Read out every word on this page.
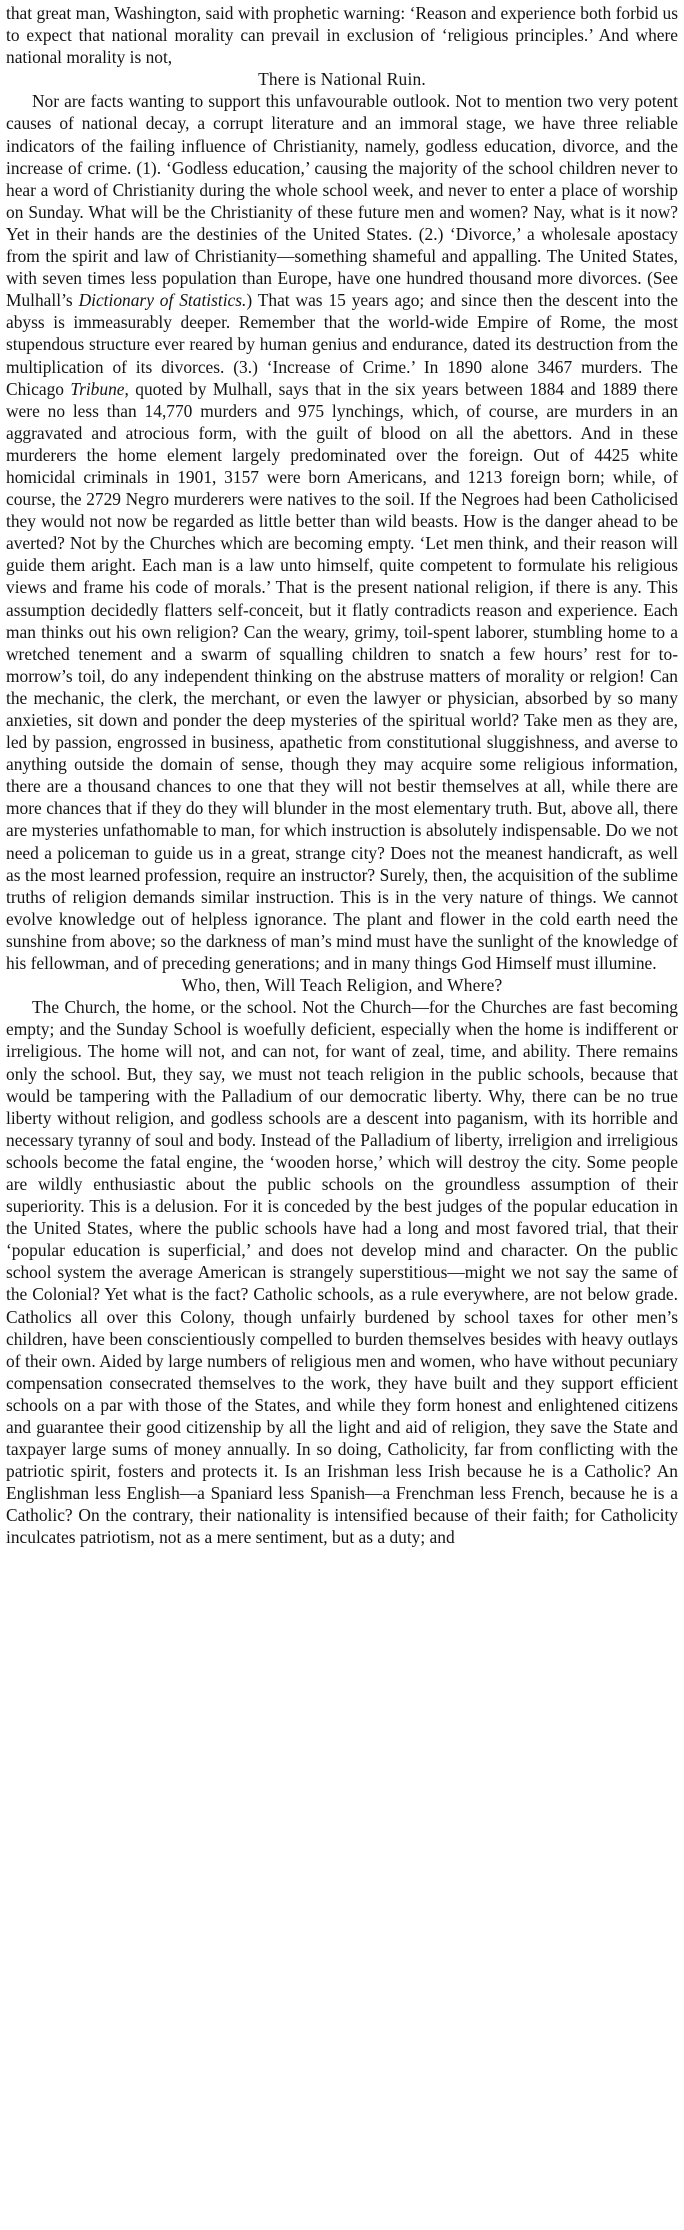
that great man, Washington, said with prophetic warning: ‘Reason and experience both forbid us to expect that national morality can prevail in exclusion of ‘religious principles.’ And where national morality is not,

There is National Ruin.

Nor are facts wanting to support this unfavourable outlook. Not to mention two very potent causes of national decay, a corrupt literature and an immoral stage, we have three reliable indicators of the failing influence of Christianity, namely, godless education, divorce, and the increase of crime. (1). ‘Godless education,’ causing the majority of the school children never to hear a word of Christianity during the whole school week, and never to enter a place of worship on Sunday. What will be the Christianity of these future men and women? Nay, what is it now? Yet in their hands are the destinies of the United States. (2.) ‘Divorce,’ a wholesale apostacy from the spirit and law of Christianity—something shameful and appalling. The United States, with seven times less population than Europe, have one hundred thousand more divorces. (See Mulhall’s Dictionary of Statistics.) That was 15 years ago; and since then the descent into the abyss is immeasurably deeper. Remember that the world-wide Empire of Rome, the most stupendous structure ever reared by human genius and endurance, dated its destruction from the multiplication of its divorces. (3.) ‘Increase of Crime.’ In 1890 alone 3467 murders. The Chicago Tribune, quoted by Mulhall, says that in the six years between 1884 and 1889 there were no less than 14,770 murders and 975 lynchings, which, of course, are murders in an aggravated and atrocious form, with the guilt of blood on all the abettors. And in these murderers the home element largely predominated over the foreign. Out of 4425 white homicidal criminals in 1901, 3157 were born Americans, and 1213 foreign born; while, of course, the 2729 Negro murderers were natives to the soil. If the Negroes had been Catholicised they would not now be regarded as little better than wild beasts. How is the danger ahead to be averted? Not by the Churches which are becoming empty. ‘Let men think, and their reason will guide them aright. Each man is a law unto himself, quite competent to formulate his religious views and frame his code of morals.’ That is the present national religion, if there is any. This assumption decidedly flatters self-conceit, but it flatly contradicts reason and experience. Each man thinks out his own religion? Can the weary, grimy, toil-spent laborer, stumbling home to a wretched tenement and a swarm of squalling children to snatch a few hours’ rest for to-morrow’s toil, do any independent thinking on the abstruse matters of morality or relgion! Can the mechanic, the clerk, the merchant, or even the lawyer or physician, absorbed by so many anxieties, sit down and ponder the deep mysteries of the spiritual world? Take men as they are, led by passion, engrossed in business, apathetic from constitutional sluggishness, and averse to anything outside the domain of sense, though they may acquire some religious information, there are a thousand chances to one that they will not bestir themselves at all, while there are more chances that if they do they will blunder in the most elementary truth. But, above all, there are mysteries unfathomable to man, for which instruction is absolutely indispensable. Do we not need a policeman to guide us in a great, strange city? Does not the meanest handicraft, as well as the most learned profession, require an instructor? Surely, then, the acquisition of the sublime truths of religion demands similar instruction. This is in the very nature of things. We cannot evolve knowledge out of helpless ignorance. The plant and flower in the cold earth need the sunshine from above; so the darkness of man’s mind must have the sunlight of the knowledge of his fellowman, and of preceding generations; and in many things God Himself must illumine.

Who, then, Will Teach Religion, and Where?

The Church, the home, or the school. Not the Church—for the Churches are fast becoming empty; and the Sunday School is woefully deficient, especially when the home is indifferent or irreligious. The home will not, and can not, for want of zeal, time, and ability. There remains only the school. But, they say, we must not teach religion in the public schools, because that would be tampering with the Palladium of our democratic liberty. Why, there can be no true liberty without religion, and godless schools are a descent into paganism, with its horrible and necessary tyranny of soul and body. Instead of the Palladium of liberty, irreligion and irreligious schools become the fatal engine, the ‘wooden horse,’ which will destroy the city. Some people are wildly enthusiastic about the public schools on the groundless assumption of their superiority. This is a delusion. For it is conceded by the best judges of the popular education in the United States, where the public schools have had a long and most favored trial, that their ‘popular education is superficial,’ and does not develop mind and character. On the public school system the average American is strangely superstitious—might we not say the same of the Colonial? Yet what is the fact? Catholic schools, as a rule everywhere, are not below grade. Catholics all over this Colony, though unfairly burdened by school taxes for other men’s children, have been conscientiously compelled to burden themselves besides with heavy outlays of their own. Aided by large numbers of religious men and women, who have without pecuniary compensation consecrated themselves to the work, they have built and they support efficient schools on a par with those of the States, and while they form honest and enlightened citizens and guarantee their good citizenship by all the light and aid of religion, they save the State and taxpayer large sums of money annually. In so doing, Catholicity, far from conflicting with the patriotic spirit, fosters and protects it. Is an Irishman less Irish because he is a Catholic? An Englishman less English—a Spaniard less Spanish—a Frenchman less French, because he is a Catholic? On the contrary, their nationality is intensified because of their faith; for Catholicity inculcates patriotism, not as a mere sentiment, but as a duty; and
